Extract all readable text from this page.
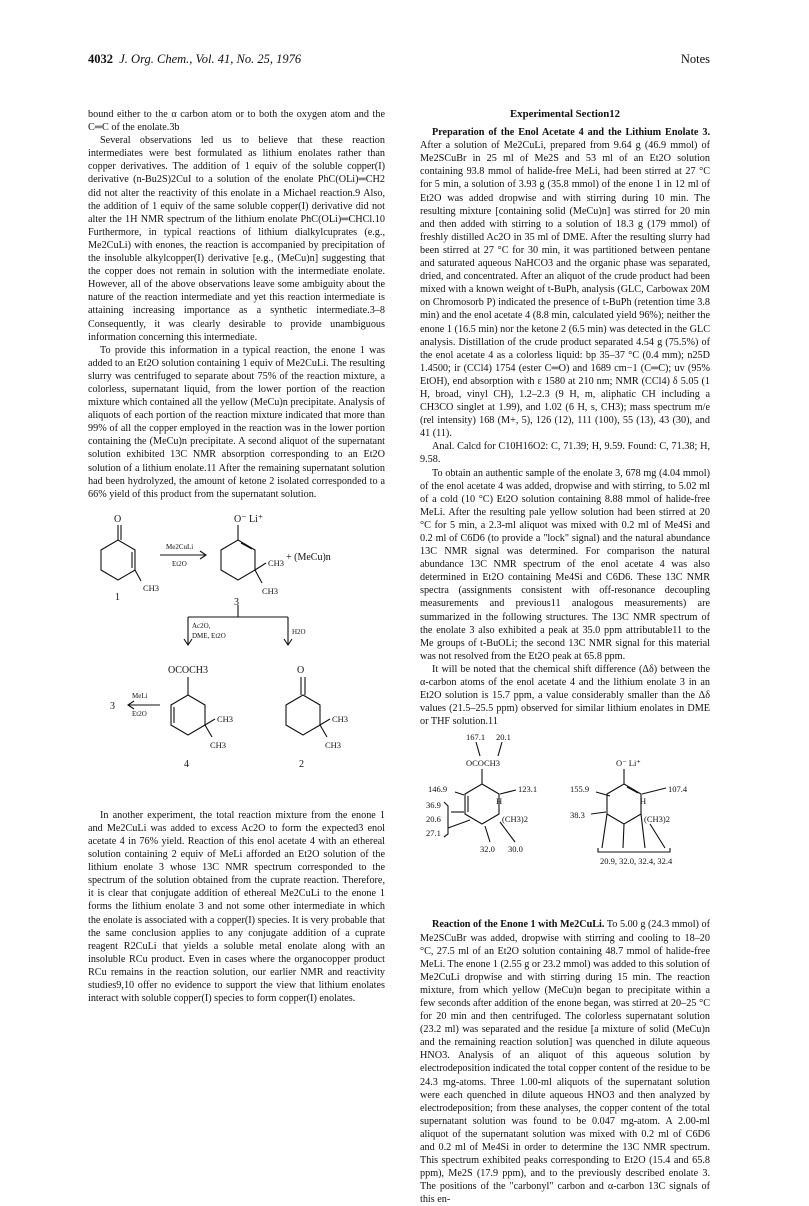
4032 J. Org. Chem., Vol. 41, No. 25, 1976	Notes

bound either to the α carbon atom or to both the oxygen atom and the C═C of the enolate.3b

Several observations led us to believe that these reaction intermediates were best formulated as lithium enolates rather than copper derivatives. The addition of 1 equiv of the soluble copper(I) derivative (n-Bu2S)2CuI to a solution of the enolate PhC(OLi)═CH2 did not alter the reactivity of this enolate in a Michael reaction.9 Also, the addition of 1 equiv of the same soluble copper(I) derivative did not alter the 1H NMR spectrum of the lithium enolate PhC(OLi)═CHCl.10 Furthermore, in typical reactions of lithium dialkylcuprates (e.g., Me2CuLi) with enones, the reaction is accompanied by precipitation of the insoluble alkylcopper(I) derivative [e.g., (MeCu)n] suggesting that the copper does not remain in solution with the intermediate enolate. However, all of the above observations leave some ambiguity about the nature of the reaction intermediate and yet this reaction intermediate is attaining increasing importance as a synthetic intermediate.3–8 Consequently, it was clearly desirable to provide unambiguous information concerning this intermediate.

To provide this information in a typical reaction, the enone 1 was added to an Et2O solution containing 1 equiv of Me2CuLi. The resulting slurry was centrifuged to separate about 75% of the reaction mixture, a colorless, supernatant liquid, from the lower portion of the reaction mixture which contained all the yellow (MeCu)n precipitate. Analysis of aliquots of each portion of the reaction mixture indicated that more than 99% of all the copper employed in the reaction was in the lower portion containing the (MeCu)n precipitate. A second aliquot of the supernatant solution exhibited 13C NMR absorption corresponding to an Et2O solution of a lithium enolate.11 After the remaining supernatant solution had been hydrolyzed, the amount of ketone 2 isolated corresponded to a 66% yield of this product from the supernatant solution.

O
CH3
1
Me2CuLi
Et2O
O⁻ Li⁺
CH3
CH3
+ (MeCu)n
3
Ac2O,
DME, Et2O	H2O
OCOCH3	O
MeLi
Et2O
3
CH3
CH3
CH3
CH3
4	2

In another experiment, the total reaction mixture from the enone 1 and Me2CuLi was added to excess Ac2O to form the expected3 enol acetate 4 in 76% yield. Reaction of this enol acetate 4 with an ethereal solution containing 2 equiv of MeLi afforded an Et2O solution of the lithium enolate 3 whose 13C NMR spectrum corresponded to the spectrum of the solution obtained from the cuprate reaction. Therefore, it is clear that conjugate addition of ethereal Me2CuLi to the enone 1 forms the lithium enolate 3 and not some other intermediate in which the enolate is associated with a copper(I) species. It is very probable that the same conclusion applies to any conjugate addition of a cuprate reagent R2CuLi that yields a soluble metal enolate along with an insoluble RCu product. Even in cases where the organocopper product RCu remains in the reaction solution, our earlier NMR and reactivity studies9,10 offer no evidence to support the view that lithium enolates interact with soluble copper(I) species to form copper(I) enolates.

Experimental Section12

Preparation of the Enol Acetate 4 and the Lithium Enolate 3. After a solution of Me2CuLi, prepared from 9.64 g (46.9 mmol) of Me2SCuBr in 25 ml of Me2S and 53 ml of an Et2O solution containing 93.8 mmol of halide-free MeLi, had been stirred at 27 °C for 5 min, a solution of 3.93 g (35.8 mmol) of the enone 1 in 12 ml of Et2O was added dropwise and with stirring during 10 min. The resulting mixture [containing solid (MeCu)n] was stirred for 20 min and then added with stirring to a solution of 18.3 g (179 mmol) of freshly distilled Ac2O in 35 ml of DME. After the resulting slurry had been stirred at 27 °C for 30 min, it was partitioned between pentane and saturated aqueous NaHCO3 and the organic phase was separated, dried, and concentrated. After an aliquot of the crude product had been mixed with a known weight of t-BuPh, analysis (GLC, Carbowax 20M on Chromosorb P) indicated the presence of t-BuPh (retention time 3.8 min) and the enol acetate 4 (8.8 min, calculated yield 96%); neither the enone 1 (16.5 min) nor the ketone 2 (6.5 min) was detected in the GLC analysis. Distillation of the crude product separated 4.54 g (75.5%) of the enol acetate 4 as a colorless liquid: bp 35–37 °C (0.4 mm); n25D 1.4500; ir (CCl4) 1754 (ester C═O) and 1689 cm−1 (C═C); uv (95% EtOH), end absorption with ε 1580 at 210 nm; NMR (CCl4) δ 5.05 (1 H, broad, vinyl CH), 1.2–2.3 (9 H, m, aliphatic CH including a CH3CO singlet at 1.99), and 1.02 (6 H, s, CH3); mass spectrum m/e (rel intensity) 168 (M+, 5), 126 (12), 111 (100), 55 (13), 43 (30), and 41 (11).

Anal. Calcd for C10H16O2: C, 71.39; H, 9.59. Found: C, 71.38; H, 9.58.

To obtain an authentic sample of the enolate 3, 678 mg (4.04 mmol) of the enol acetate 4 was added, dropwise and with stirring, to 5.02 ml of a cold (10 °C) Et2O solution containing 8.88 mmol of halide-free MeLi. After the resulting pale yellow solution had been stirred at 20 °C for 5 min, a 2.3-ml aliquot was mixed with 0.2 ml of Me4Si and 0.2 ml of C6D6 (to provide a "lock" signal) and the natural abundance 13C NMR signal was determined. For comparison the natural abundance 13C NMR spectrum of the enol acetate 4 was also determined in Et2O containing Me4Si and C6D6. These 13C NMR spectra (assignments consistent with off-resonance decoupling measurements and previous11 analogous measurements) are summarized in the following structures. The 13C NMR spectrum of the enolate 3 also exhibited a peak at 35.0 ppm attributable11 to the Me groups of t-BuOLi; the second 13C NMR signal for this material was not resolved from the Et2O peak at 65.8 ppm.

It will be noted that the chemical shift difference (Δδ) between the α-carbon atoms of the enol acetate 4 and the lithium enolate 3 in an Et2O solution is 15.7 ppm, a value considerably smaller than the Δδ values (21.5–25.5 ppm) observed for similar lithium enolates in DME or THF solution.11

167.1 20.1
OCOCH3
146.9	123.1
H
36.9
20.6
27.1
(CH3)2
32.0 30.0
O⁻ Li⁺
155.9	107.4
H
38.3	(CH3)2
20.9, 32.0, 32.4, 32.4

Reaction of the Enone 1 with Me2CuLi. To 5.00 g (24.3 mmol) of Me2SCuBr was added, dropwise with stirring and cooling to 18–20 °C, 27.5 ml of an Et2O solution containing 48.7 mmol of halide-free MeLi. The enone 1 (2.55 g or 23.2 mmol) was added to this solution of Me2CuLi dropwise and with stirring during 15 min. The reaction mixture, from which yellow (MeCu)n began to precipitate within a few seconds after addition of the enone began, was stirred at 20–25 °C for 20 min and then centrifuged. The colorless supernatant solution (23.2 ml) was separated and the residue [a mixture of solid (MeCu)n and the remaining reaction solution] was quenched in dilute aqueous HNO3. Analysis of an aliquot of this aqueous solution by electrodeposition indicated the total copper content of the residue to be 24.3 mg-atoms. Three 1.00-ml aliquots of the supernatant solution were each quenched in dilute aqueous HNO3 and then analyzed by electrodeposition; from these analyses, the copper content of the total supernatant solution was found to be 0.047 mg-atom. A 2.00-ml aliquot of the supernatant solution was mixed with 0.2 ml of C6D6 and 0.2 ml of Me4Si in order to determine the 13C NMR spectrum. This spectrum exhibited peaks corresponding to Et2O (15.4 and 65.8 ppm), Me2S (17.9 ppm), and to the previously described enolate 3. The positions of the "carbonyl" carbon and α-carbon 13C signals of this en-
